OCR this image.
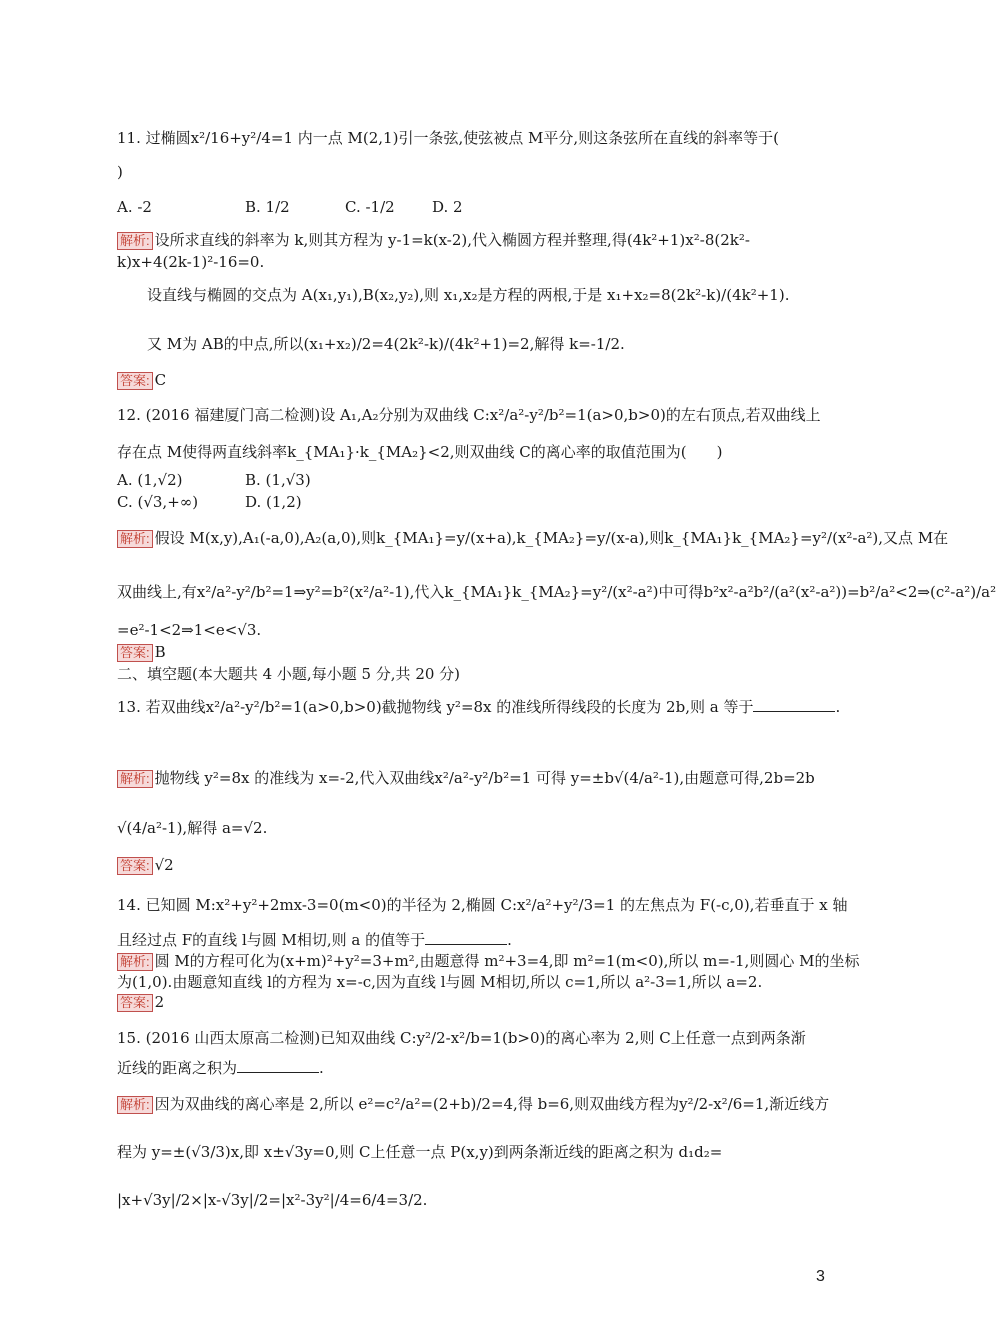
11. 过椭圆x²/16+y²/4=1 内一点 M(2,1)引一条弦,使弦被点 M平分,则这条弦所在直线的斜率等于(
)
A. -2	B. 1/2	C. -1/2 D. 2
解析: 设所求直线的斜率为 k,则其方程为 y-1=k(x-2),代入椭圆方程并整理,得(4k²+1)x²-8(2k²-
k)x+4(2k-1)²-16=0.
设直线与椭圆的交点为 A(x₁,y₁),B(x₂,y₂),则 x₁,x₂是方程的两根,于是 x₁+x₂=8(2k²-k)/(4k²+1).
又 M为 AB的中点,所以(x₁+x₂)/2=4(2k²-k)/(4k²+1)=2,解得 k=-1/2.
答案: C
12. (2016 福建厦门高二检测)设 A₁,A₂分别为双曲线 C:x²/a²-y²/b²=1(a>0,b>0)的左右顶点,若双曲线上
存在点 M使得两直线斜率k_{MA₁}·k_{MA₂}<2,则双曲线 C的离心率的取值范围为(　　)
A. (1,√2)	B. (1,√3)
C. (√3,+∞)	D. (1,2)
解析: 假设 M(x,y),A₁(-a,0),A₂(a,0),则k_{MA₁}=y/(x+a),k_{MA₂}=y/(x-a),则k_{MA₁}k_{MA₂}=y²/(x²-a²),又点 M在
双曲线上,有x²/a²-y²/b²=1⇒y²=b²(x²/a²-1),代入k_{MA₁}k_{MA₂}=y²/(x²-a²)中可得b²x²-a²b²/(a²(x²-a²))=b²/a²<2⇒(c²-a²)/a²
=e²-1<2⇒1<e<√3.
答案: B
二、填空题(本大题共 4 小题,每小题 5 分,共 20 分)
13. 若双曲线x²/a²-y²/b²=1(a>0,b>0)截抛物线 y²=8x 的准线所得线段的长度为 2b,则 a 等于	.
解析: 抛物线 y²=8x 的准线为 x=-2,代入双曲线x²/a²-y²/b²=1 可得 y=±b√(4/a²-1),由题意可得,2b=2b
√(4/a²-1),解得 a=√2.
答案: √2
14. 已知圆 M:x²+y²+2mx-3=0(m<0)的半径为 2,椭圆 C:x²/a²+y²/3=1 的左焦点为 F(-c,0),若垂直于 x 轴
且经过点 F的直线 l与圆 M相切,则 a 的值等于	.
解析: 圆 M的方程可化为(x+m)²+y²=3+m²,由题意得 m²+3=4,即 m²=1(m<0),所以 m=-1,则圆心 M的坐标
为(1,0).由题意知直线 l的方程为 x=-c,因为直线 l与圆 M相切,所以 c=1,所以 a²-3=1,所以 a=2.
答案: 2
15. (2016 山西太原高二检测)已知双曲线 C:y²/2-x²/b=1(b>0)的离心率为 2,则 C上任意一点到两条渐
近线的距离之积为	.
解析: 因为双曲线的离心率是 2,所以 e²=c²/a²=(2+b)/2=4,得 b=6,则双曲线方程为y²/2-x²/6=1,渐近线方
程为 y=±(√3/3)x,即 x±√3y=0,则 C上任意一点 P(x,y)到两条渐近线的距离之积为 d₁d₂=
|x+√3y|/2×|x-√3y|/2=|x²-3y²|/4=6/4=3/2.
3
